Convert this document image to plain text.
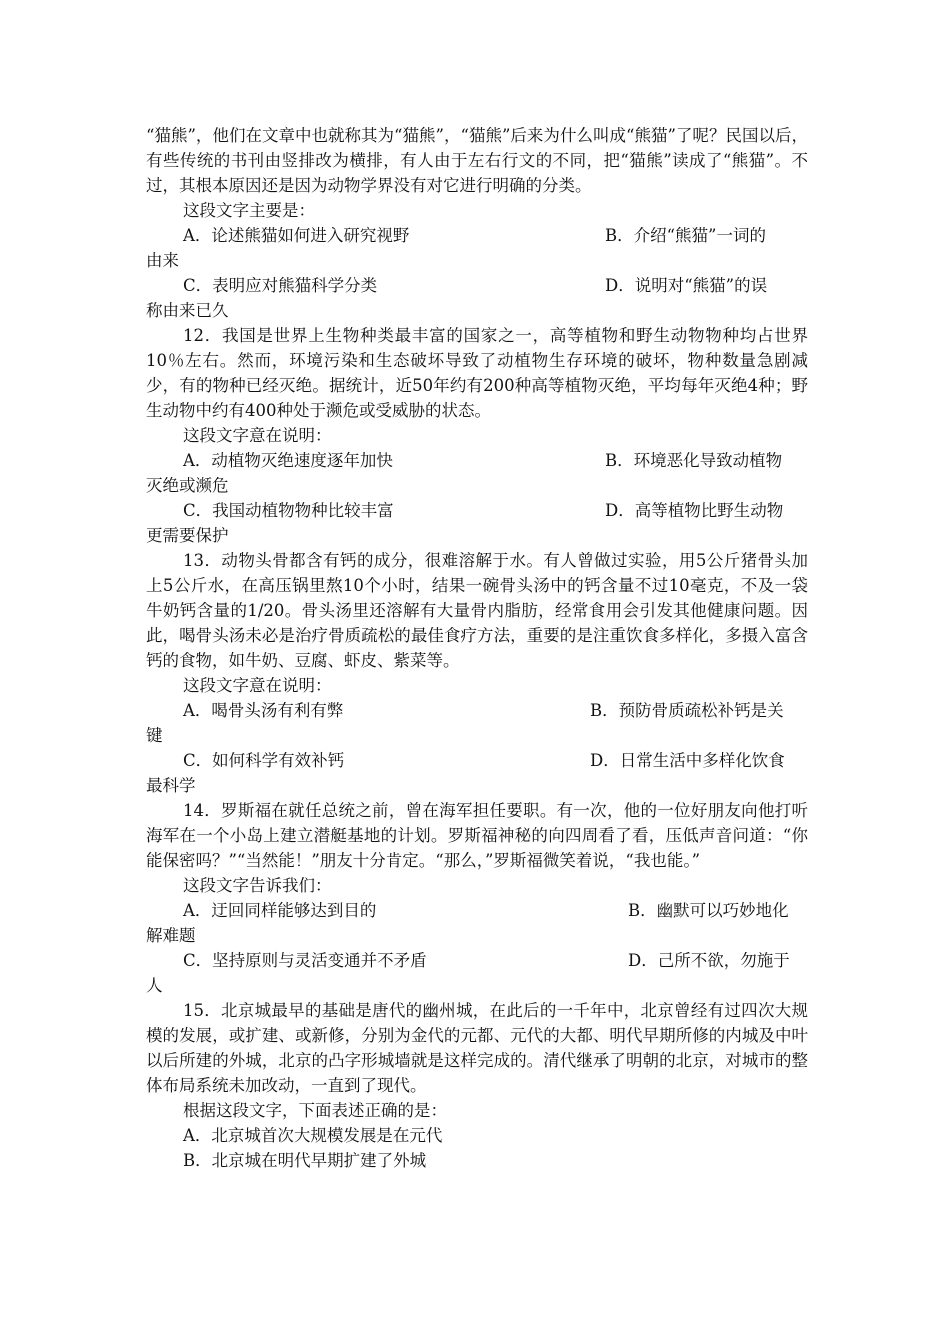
“猫熊”，他们在文章中也就称其为“猫熊”，“猫熊”后来为什么叫成“熊猫”了呢？民国以后，有些传统的书刊由竖排改为横排，有人由于左右行文的不同，把“猫熊”读成了“熊猫”。不过，其根本原因还是因为动物学界没有对它进行明确的分类。

这段文字主要是：

A．论述熊猫如何进入研究视野	B．介绍“熊猫”一词的
由来
C．表明应对熊猫科学分类	D．说明对“熊猫”的误
称由来已久

12．我国是世界上生物种类最丰富的国家之一，高等植物和野生动物物种均占世界10％左右。然而，环境污染和生态破坏导致了动植物生存环境的破坏，物种数量急剧减少，有的物种已经灭绝。据统计，近50年约有200种高等植物灭绝，平均每年灭绝4种；野生动物中约有400种处于濒危或受威胁的状态。

这段文字意在说明：

A．动植物灭绝速度逐年加快	B．环境恶化导致动植物
灭绝或濒危
C．我国动植物物种比较丰富	D．高等植物比野生动物
更需要保护

13．动物头骨都含有钙的成分，很难溶解于水。有人曾做过实验，用5公斤猪骨头加上5公斤水，在高压锅里熬10个小时，结果一碗骨头汤中的钙含量不过10毫克，不及一袋牛奶钙含量的1/20。骨头汤里还溶解有大量骨内脂肪，经常食用会引发其他健康问题。因此，喝骨头汤未必是治疗骨质疏松的最佳食疗方法，重要的是注重饮食多样化，多摄入富含钙的食物，如牛奶、豆腐、虾皮、紫菜等。

这段文字意在说明：

A．喝骨头汤有利有弊	B．预防骨质疏松补钙是关
键
C．如何科学有效补钙	D．日常生活中多样化饮食
最科学

14．罗斯福在就任总统之前，曾在海军担任要职。有一次，他的一位好朋友向他打听海军在一个小岛上建立潜艇基地的计划。罗斯福神秘的向四周看了看，压低声音问道：“你能保密吗？”“当然能！”朋友十分肯定。“那么，”罗斯福微笑着说，“我也能。”

这段文字告诉我们：

A．迂回同样能够达到目的	B．幽默可以巧妙地化
解难题
C．坚持原则与灵活变通并不矛盾	D．己所不欲，勿施于
人

15．北京城最早的基础是唐代的幽州城，在此后的一千年中，北京曾经有过四次大规模的发展，或扩建、或新修，分别为金代的元都、元代的大都、明代早期所修的内城及中叶以后所建的外城，北京的凸字形城墙就是这样完成的。清代继承了明朝的北京，对城市的整体布局系统未加改动，一直到了现代。

根据这段文字，下面表述正确的是：

A．北京城首次大规模发展是在元代
B．北京城在明代早期扩建了外城
